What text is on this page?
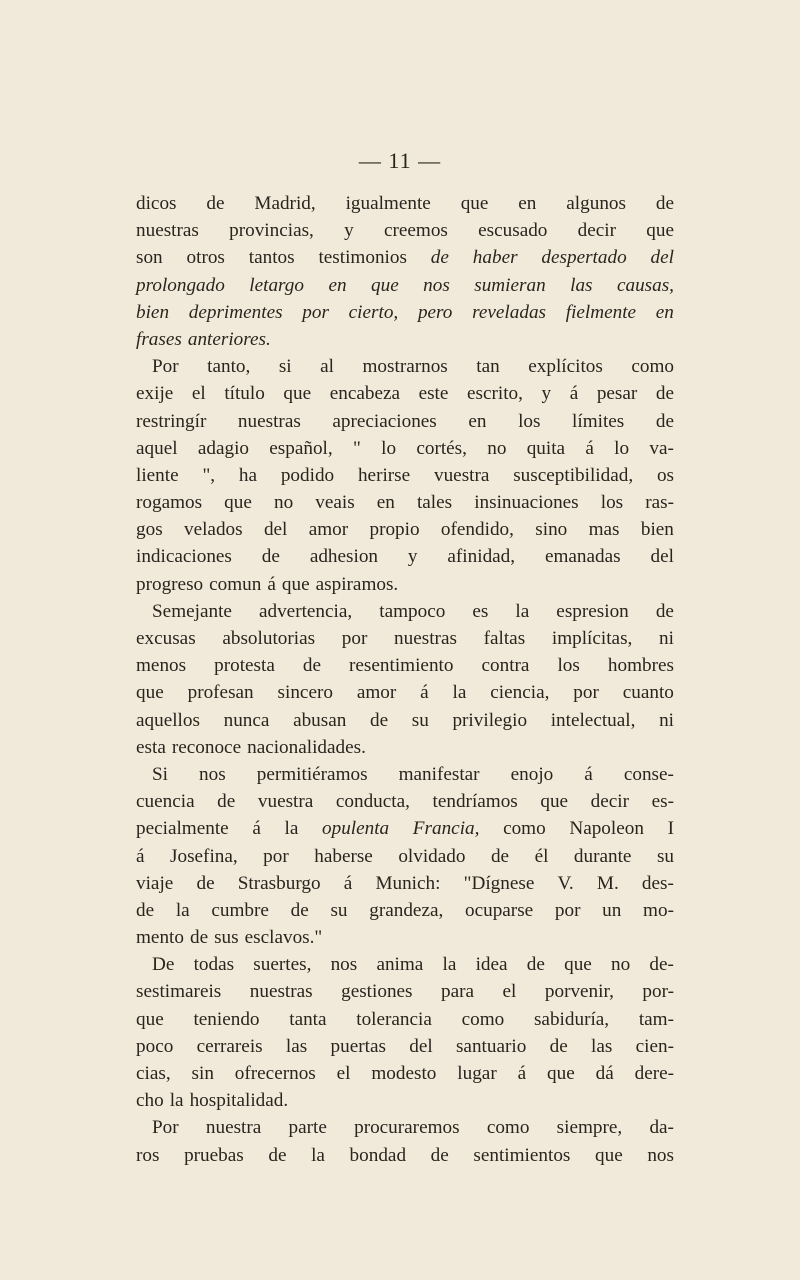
— 11 —
dicos de Madrid, igualmente que en algunos de
nuestras provincias, y creemos escusado decir que
son otros tantos testimonios de haber despertado del
prolongado letargo en que nos sumieran las causas,
bien deprimentes por cierto, pero reveladas fielmente en
frases anteriores.
Por tanto, si al mostrarnos tan explícitos como
exije el título que encabeza este escrito, y á pesar de
restringír nuestras apreciaciones en los límites de
aquel adagio español, " lo cortés, no quita á lo va-
liente ", ha podido herirse vuestra susceptibilidad, os
rogamos que no veais en tales insinuaciones los ras-
gos velados del amor propio ofendido, sino mas bien
indicaciones de adhesion y afinidad, emanadas del
progreso comun á que aspiramos.
Semejante advertencia, tampoco es la espresion de
excusas absolutorias por nuestras faltas implícitas, ni
menos protesta de resentimiento contra los hombres
que profesan sincero amor á la ciencia, por cuanto
aquellos nunca abusan de su privilegio intelectual, ni
esta reconoce nacionalidades.
Si nos permitiéramos manifestar enojo á conse-
cuencia de vuestra conducta, tendríamos que decir es-
pecialmente á la opulenta Francia, como Napoleon I
á Josefina, por haberse olvidado de él durante su
viaje de Strasburgo á Munich: "Dígnese V. M. des-
de la cumbre de su grandeza, ocuparse por un mo-
mento de sus esclavos."
De todas suertes, nos anima la idea de que no de-
sestimareis nuestras gestiones para el porvenir, por-
que teniendo tanta tolerancia como sabiduría, tam-
poco cerrareis las puertas del santuario de las cien-
cias, sin ofrecernos el modesto lugar á que dá dere-
cho la hospitalidad.
Por nuestra parte procuraremos como siempre, da-
ros pruebas de la bondad de sentimientos que nos
